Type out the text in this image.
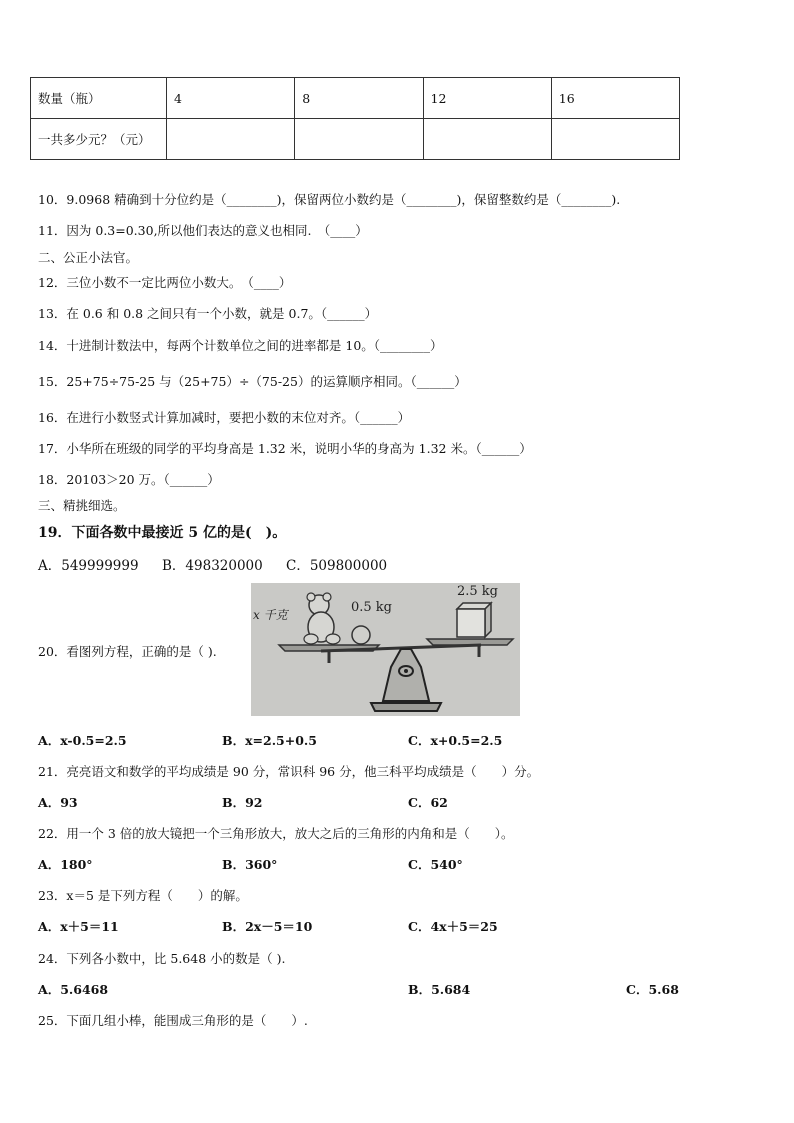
数量（瓶）	4	8	12	16
一共多少元？（元）				
10．9.0968 精确到十分位约是（________)，保留两位小数约是（________)，保留整数约是（________).
11．因为 0.3=0.30,所以他们表达的意义也相同.　（____）
二、公正小法官。
12．三位小数不一定比两位小数大。　（____）
13．在 0.6 和 0.8 之间只有一个小数，就是 0.7。（______）
14．十进制计数法中，每两个计数单位之间的进率都是 10。（________）
15．25+75÷75-25 与（25+75）÷（75-25）的运算顺序相同。（______）
16．在进行小数竖式计算加减时，要把小数的末位对齐。（______）
17．小华所在班级的同学的平均身高是 1.32 米，说明小华的身高为 1.32 米。（______）
18．20103＞20 万。（______）
三、精挑细选。
19．下面各数中最接近 5 亿的是(　)。
A．549999999 B．498320000 C．509800000
20．看图列方程，正确的是（ ).
x 千克	0.5 kg
2.5 kg
A．x-0.5=2.5	B．x=2.5+0.5	C．x+0.5=2.5
21．亮亮语文和数学的平均成绩是 90 分，常识科 96 分，他三科平均成绩是（　　）分。
A．93	B．92	C．62
22．用一个 3 倍的放大镜把一个三角形放大，放大之后的三角形的内角和是（　　）。
A．180°	B．360°	C．540°
23．x＝5 是下列方程（　　）的解。
A．x＋5＝11	B．2x－5＝10	C．4x＋5＝25
24．下列各小数中，比 5.648 小的数是（ ).
A．5.6468	B．5.684	C．5.68
25．下面几组小棒，能围成三角形的是（　　）.
